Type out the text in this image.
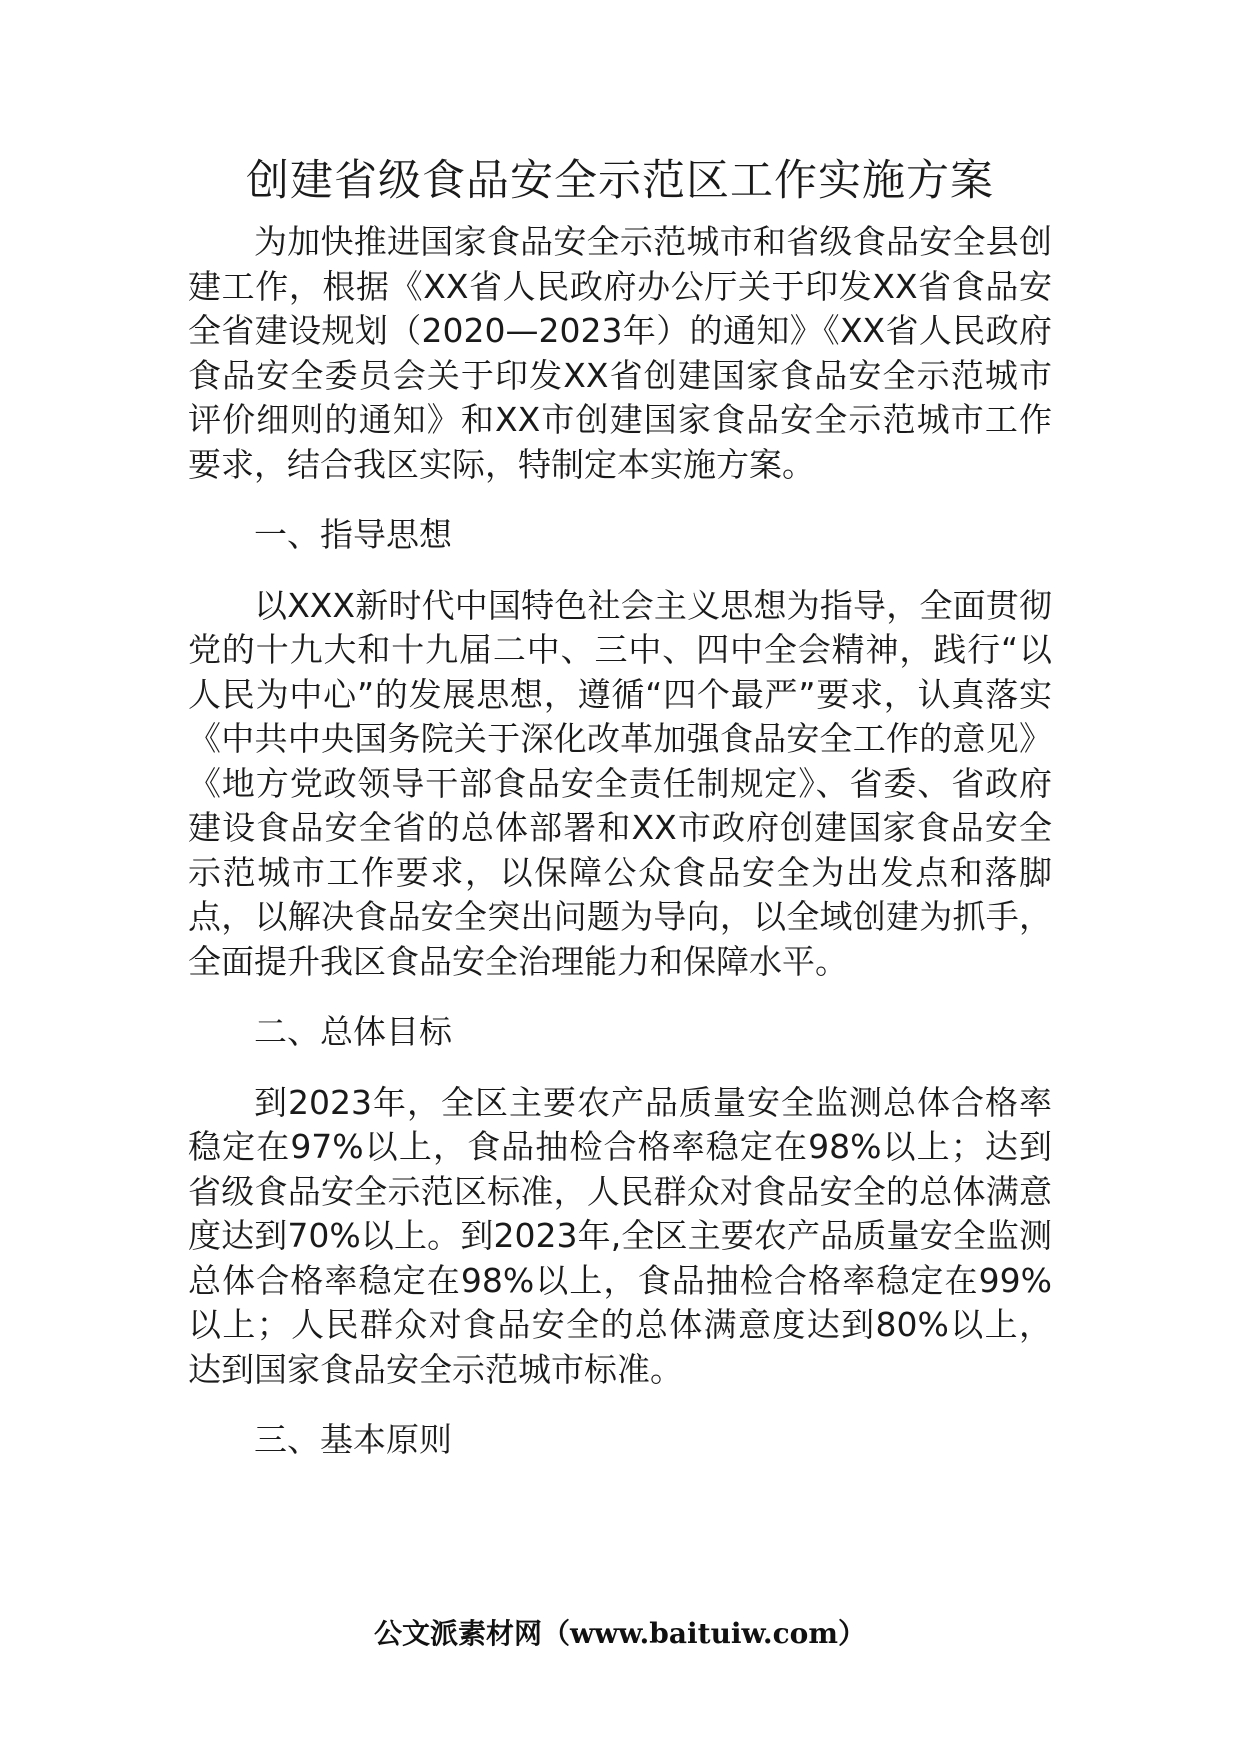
创建省级食品安全示范区工作实施方案

为加快推进国家食品安全示范城市和省级食品安全县创建工作，根据《XX省人民政府办公厅关于印发XX省食品安全省建设规划（2020—2023年）的通知》《XX省人民政府食品安全委员会关于印发XX省创建国家食品安全示范城市评价细则的通知》和XX市创建国家食品安全示范城市工作要求，结合我区实际，特制定本实施方案。

一、指导思想

以XXX新时代中国特色社会主义思想为指导，全面贯彻党的十九大和十九届二中、三中、四中全会精神，践行“以人民为中心”的发展思想，遵循“四个最严”要求，认真落实《中共中央国务院关于深化改革加强食品安全工作的意见》《地方党政领导干部食品安全责任制规定》、省委、省政府建设食品安全省的总体部署和XX市政府创建国家食品安全示范城市工作要求，以保障公众食品安全为出发点和落脚点，以解决食品安全突出问题为导向，以全域创建为抓手，全面提升我区食品安全治理能力和保障水平。

二、总体目标

到2023年，全区主要农产品质量安全监测总体合格率稳定在97%以上，食品抽检合格率稳定在98%以上；达到省级食品安全示范区标准，人民群众对食品安全的总体满意度达到70%以上。到2023年,全区主要农产品质量安全监测总体合格率稳定在98%以上，食品抽检合格率稳定在99%以上；人民群众对食品安全的总体满意度达到80%以上，达到国家食品安全示范城市标准。

三、基本原则

公文派素材网（www.baituiw.com）
